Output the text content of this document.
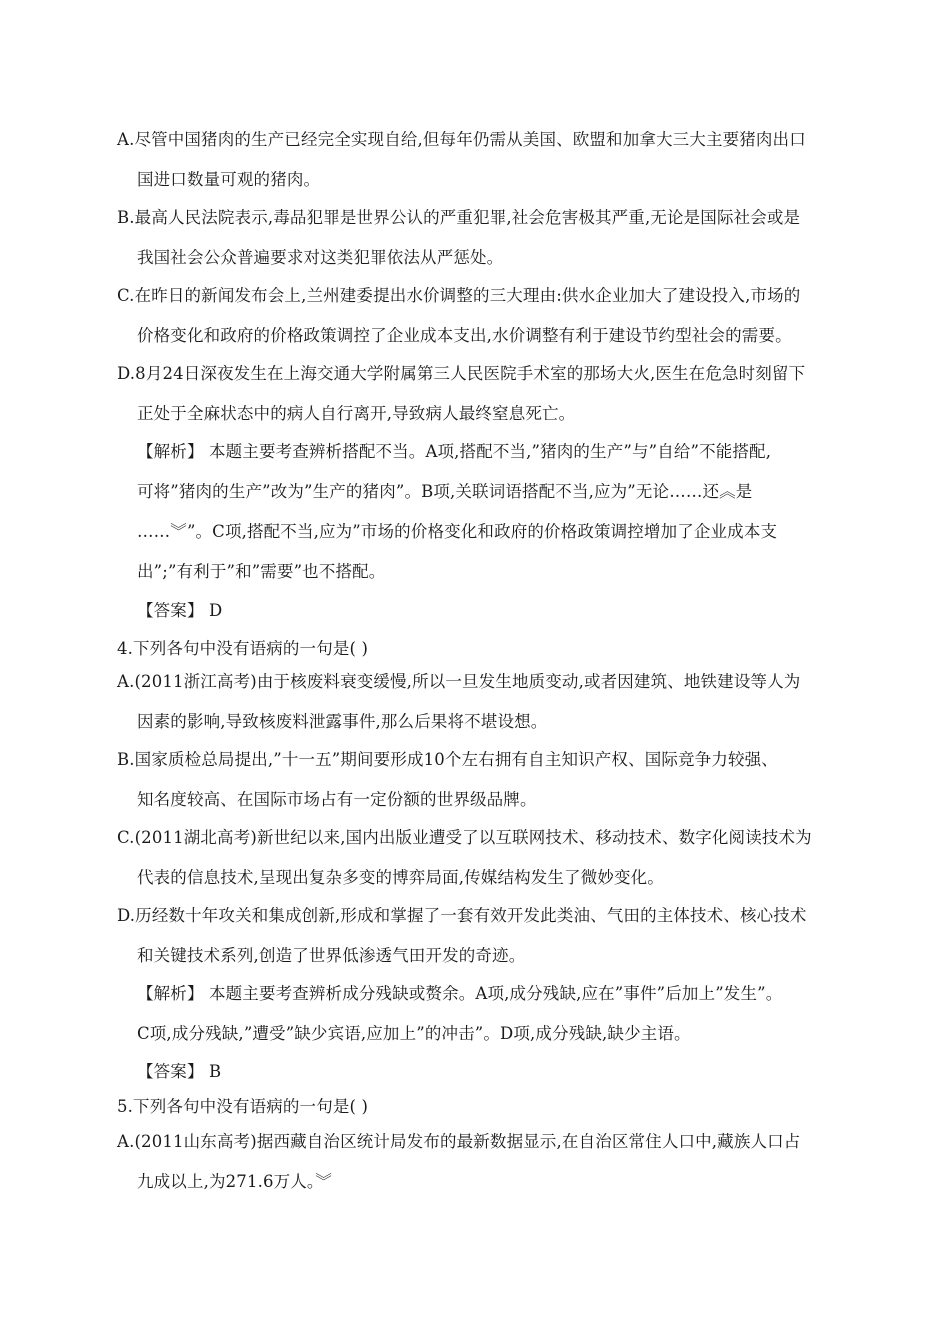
A.尽管中国猪肉的生产已经完全实现自给,但每年仍需从美国、欧盟和加拿大三大主要猪肉出口
国进口数量可观的猪肉。
B.最高人民法院表示,毒品犯罪是世界公认的严重犯罪,社会危害极其严重,无论是国际社会或是
我国社会公众普遍要求对这类犯罪依法从严惩处。
C.在昨日的新闻发布会上,兰州建委提出水价调整的三大理由:供水企业加大了建设投入,市场的
价格变化和政府的价格政策调控了企业成本支出,水价调整有利于建设节约型社会的需要。
D.8月24日深夜发生在上海交通大学附属第三人民医院手术室的那场大火,医生在危急时刻留下
正处于全麻状态中的病人自行离开,导致病人最终窒息死亡。
【解析】 本题主要考查辨析搭配不当。A项,搭配不当,”猪肉的生产”与”自给”不能搭配,
可将”猪肉的生产”改为”生产的猪肉”。B项,关联词语搭配不当,应为”无论……还︽是
……︾”。C项,搭配不当,应为”市场的价格变化和政府的价格政策调控增加了企业成本支
出”;”有利于”和”需要”也不搭配。
【答案】 D
4.下列各句中没有语病的一句是( )
A.(2011浙江高考)由于核废料衰变缓慢,所以一旦发生地质变动,或者因建筑、地铁建设等人为
因素的影响,导致核废料泄露事件,那么后果将不堪设想。
B.国家质检总局提出,”十一五”期间要形成10个左右拥有自主知识产权、国际竞争力较强、
知名度较高、在国际市场占有一定份额的世界级品牌。
C.(2011湖北高考)新世纪以来,国内出版业遭受了以互联网技术、移动技术、数字化阅读技术为
代表的信息技术,呈现出复杂多变的博弈局面,传媒结构发生了微妙变化。
D.历经数十年攻关和集成创新,形成和掌握了一套有效开发此类油、气田的主体技术、核心技术
和关键技术系列,创造了世界低渗透气田开发的奇迹。
【解析】 本题主要考查辨析成分残缺或赘余。A项,成分残缺,应在”事件”后加上”发生”。
C项,成分残缺,”遭受”缺少宾语,应加上”的冲击”。D项,成分残缺,缺少主语。
【答案】 B
5.下列各句中没有语病的一句是( )
A.(2011山东高考)据西藏自治区统计局发布的最新数据显示,在自治区常住人口中,藏族人口占
九成以上,为271.6万人。︾
